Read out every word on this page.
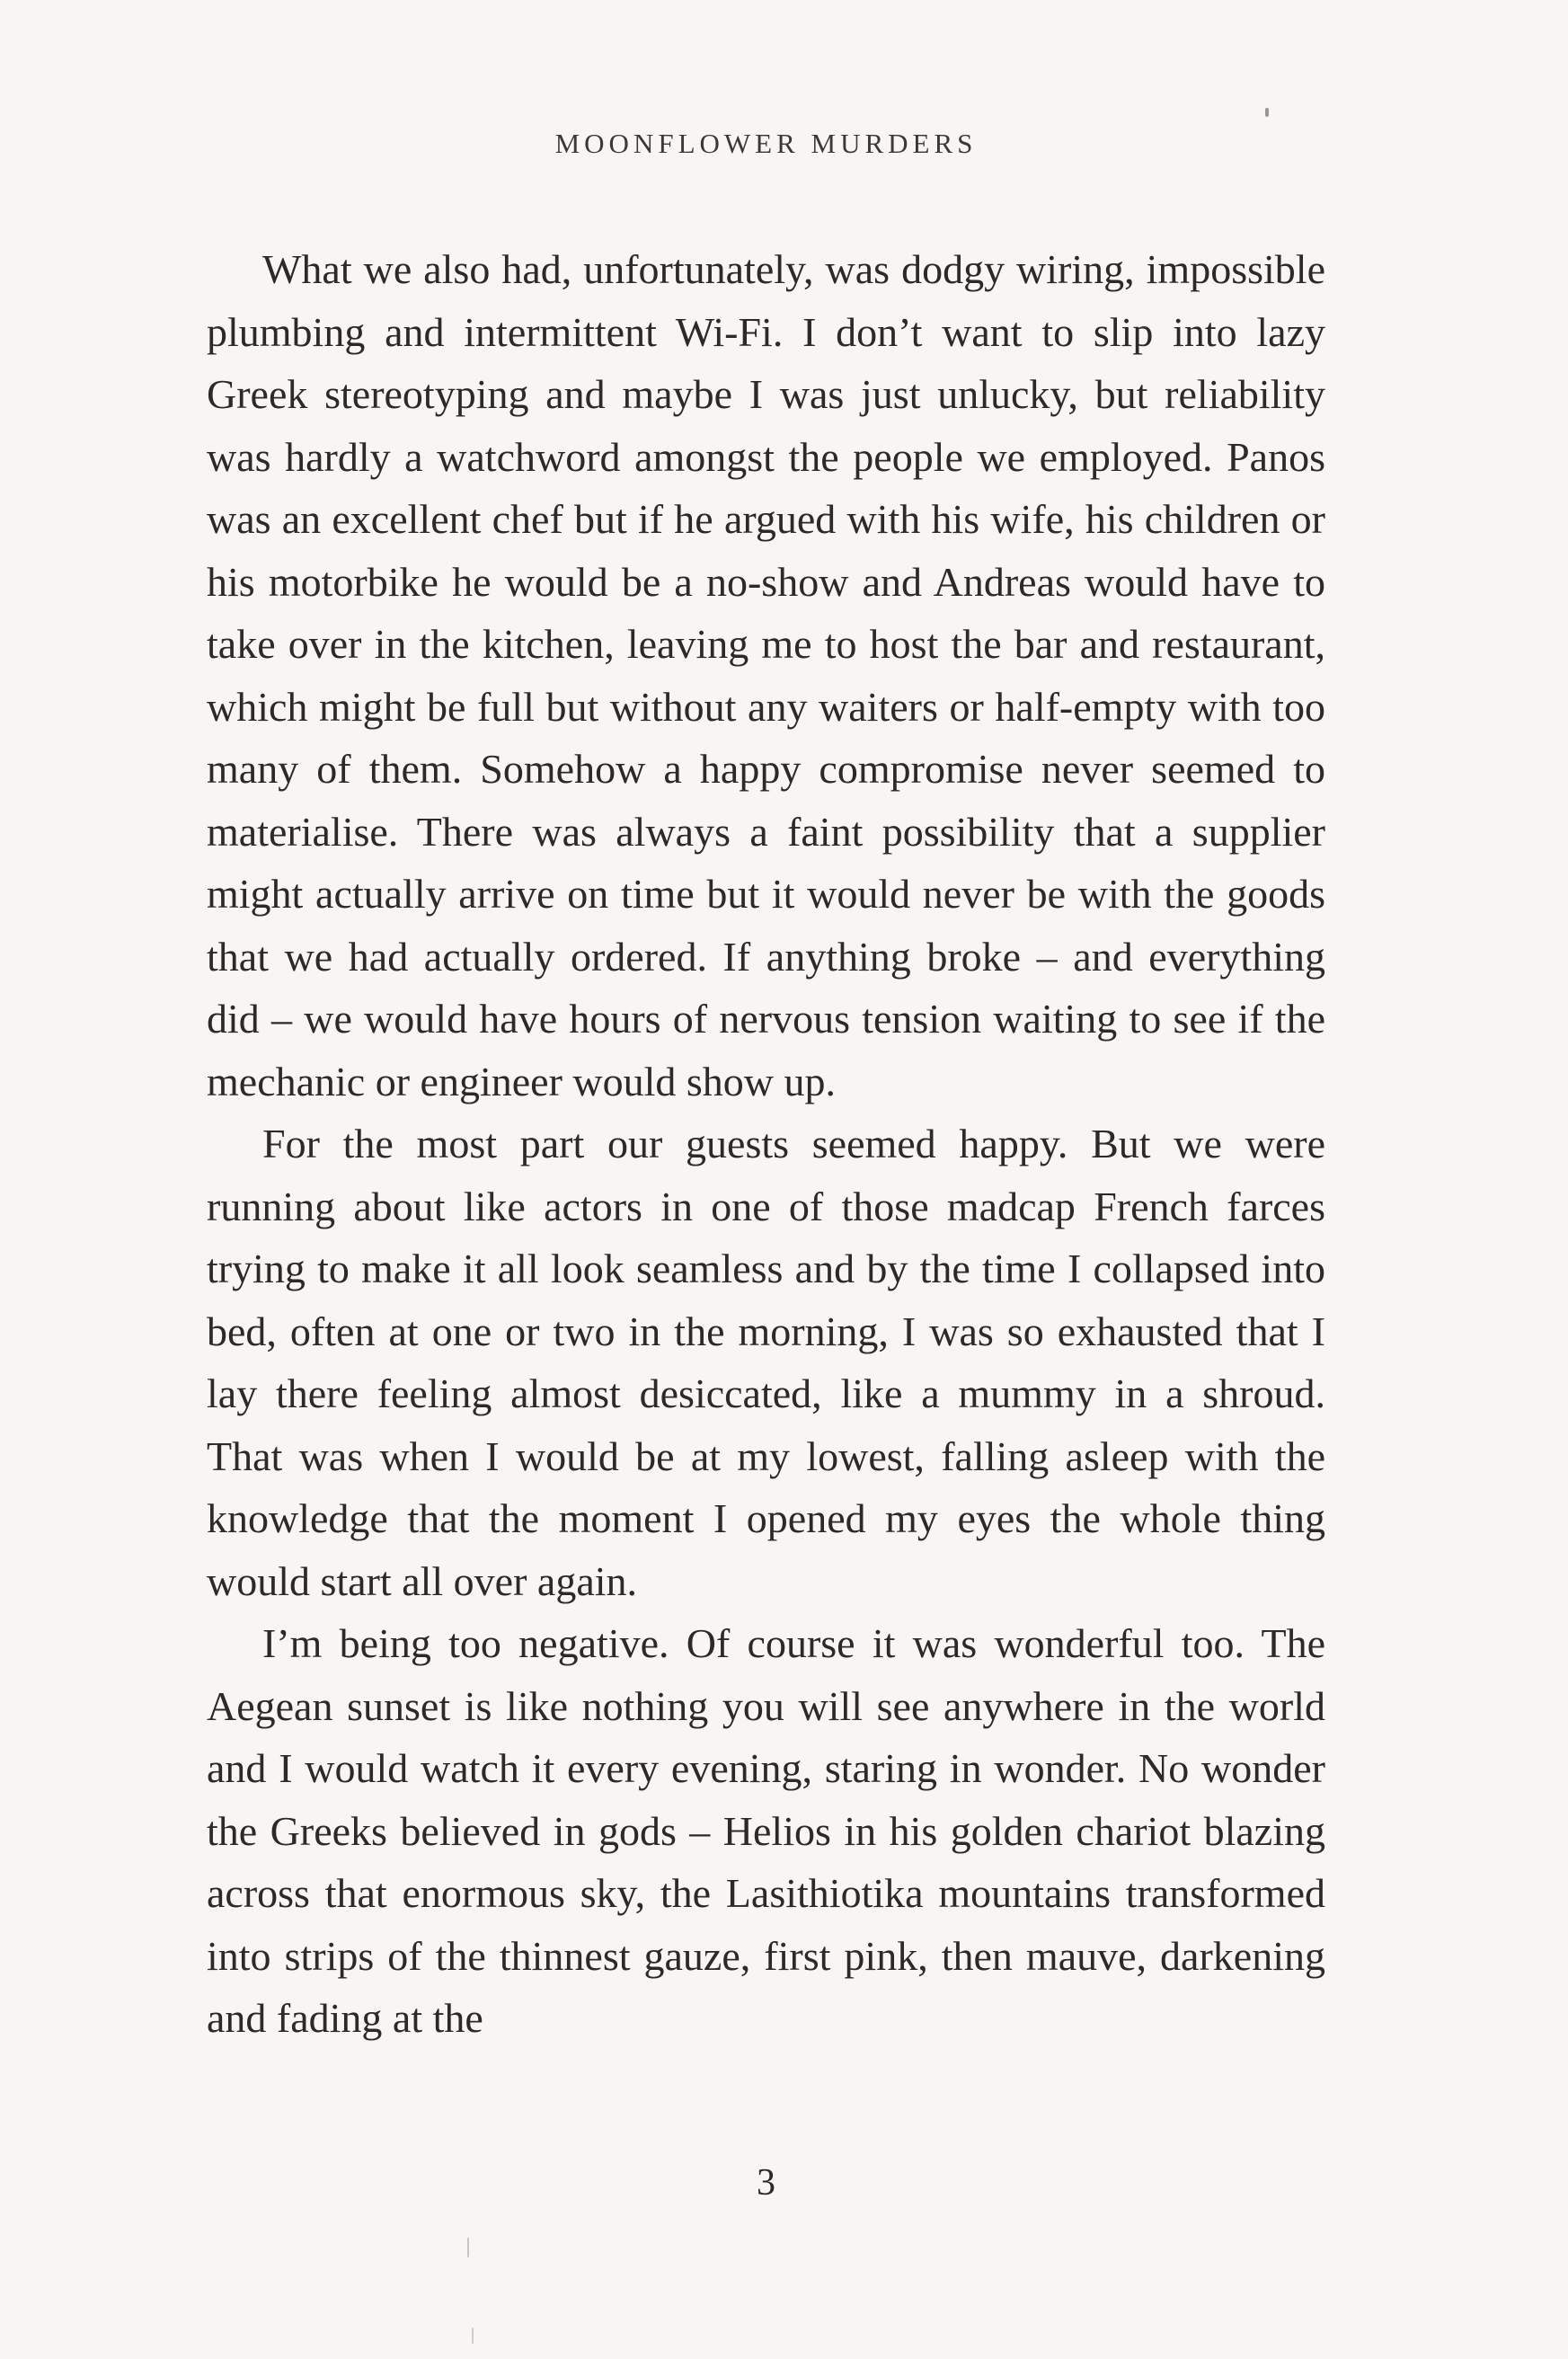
MOONFLOWER MURDERS

What we also had, unfortunately, was dodgy wiring, impossible plumbing and intermittent Wi-Fi. I don’t want to slip into lazy Greek stereotyping and maybe I was just unlucky, but reliability was hardly a watchword amongst the people we employed. Panos was an excellent chef but if he argued with his wife, his children or his motorbike he would be a no-show and Andreas would have to take over in the kitchen, leaving me to host the bar and restaurant, which might be full but without any waiters or half-empty with too many of them. Somehow a happy compromise never seemed to materialise. There was always a faint possibility that a supplier might actually arrive on time but it would never be with the goods that we had actually ordered. If anything broke – and everything did – we would have hours of nervous tension waiting to see if the mechanic or engineer would show up.

For the most part our guests seemed happy. But we were running about like actors in one of those madcap French farces trying to make it all look seamless and by the time I collapsed into bed, often at one or two in the morning, I was so exhausted that I lay there feeling almost desiccated, like a mummy in a shroud. That was when I would be at my lowest, falling asleep with the knowledge that the moment I opened my eyes the whole thing would start all over again.

I’m being too negative. Of course it was wonderful too. The Aegean sunset is like nothing you will see anywhere in the world and I would watch it every evening, staring in wonder. No wonder the Greeks believed in gods – Helios in his golden chariot blazing across that enormous sky, the Lasithiotika mountains transformed into strips of the thinnest gauze, first pink, then mauve, darkening and fading at the

3
